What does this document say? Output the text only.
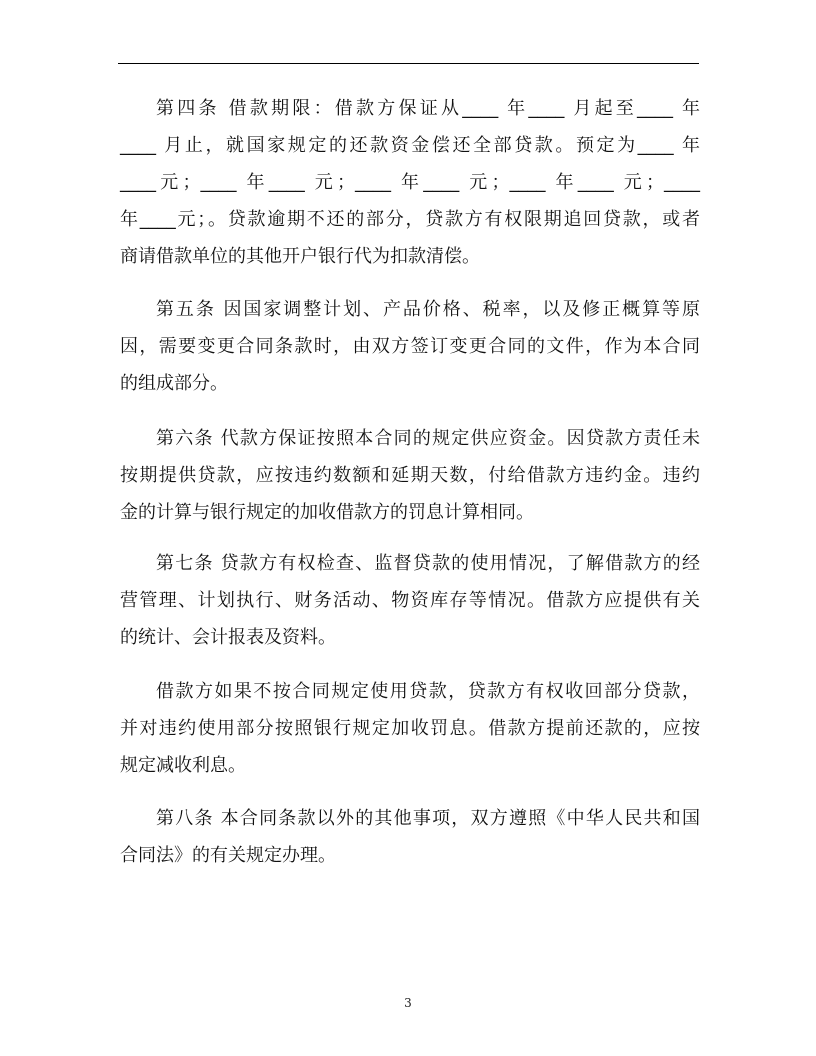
第四条 借款期限：借款方保证从____ 年____ 月起至____ 年
____ 月止，就国家规定的还款资金偿还全部贷款。预定为____ 年
____元；____ 年____ 元；____ 年____ 元；____ 年____ 元；____
年____元；。贷款逾期不还的部分，贷款方有权限期追回贷款，或者
商请借款单位的其他开户银行代为扣款清偿。
第五条 因国家调整计划、产品价格、税率，以及修正概算等原
因，需要变更合同条款时，由双方签订变更合同的文件，作为本合同
的组成部分。
第六条 代款方保证按照本合同的规定供应资金。因贷款方责任未
按期提供贷款，应按违约数额和延期天数，付给借款方违约金。违约
金的计算与银行规定的加收借款方的罚息计算相同。
第七条 贷款方有权检查、监督贷款的使用情况，了解借款方的经
营管理、计划执行、财务活动、物资库存等情况。借款方应提供有关
的统计、会计报表及资料。
借款方如果不按合同规定使用贷款，贷款方有权收回部分贷款，
并对违约使用部分按照银行规定加收罚息。借款方提前还款的，应按
规定减收利息。
第八条 本合同条款以外的其他事项，双方遵照《中华人民共和国
合同法》的有关规定办理。
3
